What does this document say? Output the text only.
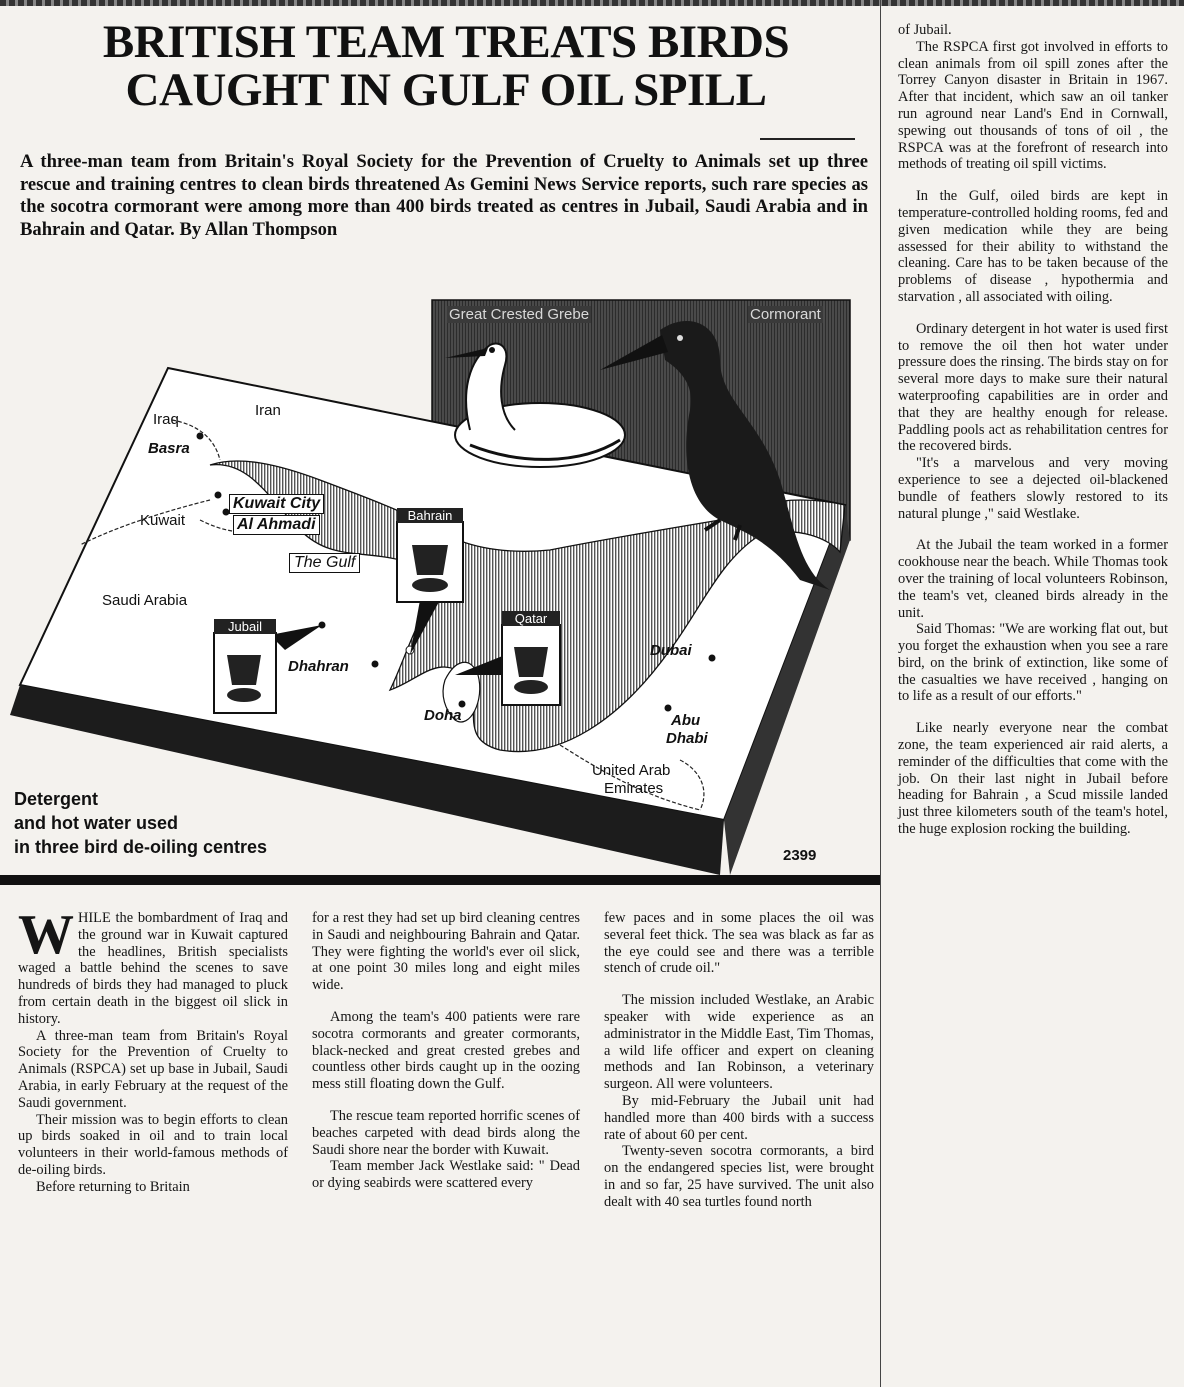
BRITISH TEAM TREATS BIRDS CAUGHT IN GULF OIL SPILL
A three-man team from Britain's Royal Society for the Prevention of Cruelty to Animals set up three rescue and training centres to clean birds threatened As Gemini News Service reports, such rare species as the socotra cormorant were among more than 400 birds treated as centres in Jubail, Saudi Arabia and in Bahrain and Qatar. By Allan Thompson
Great Crested Grebe	Cormorant
Iraq
Iran
Basra
Kuwait
Kuwait City
Al Ahmadi
The Gulf
Saudi Arabia
Dhahran
Doha
Dubai
Abu
Dhabi
United Arab
Emirates
Bahrain
Jubail
Qatar
Detergent
and hot water used
in three bird de-oiling centres	2399

of Jubail.

The RSPCA first got involved in efforts to clean animals from oil spill zones after the Torrey Canyon disaster in Britain in 1967. After that incident, which saw an oil tanker run aground near Land's End in Cornwall, spewing out thousands of tons of oil , the RSPCA was at the forefront of research into methods of treating oil spill victims.

In the Gulf, oiled birds are kept in temperature-controlled holding rooms, fed and given medication while they are being assessed for their ability to withstand the cleaning. Care has to be taken because of the problems of disease , hypothermia and starvation , all associated with oiling.

Ordinary detergent in hot water is used first to remove the oil then hot water under pressure does the rinsing. The birds stay on for several more days to make sure their natural waterproofing capabilities are in order and that they are healthy enough for release. Paddling pools act as rehabilitation centres for the recovered birds.

"It's a marvelous and very moving experience to see a dejected oil-blackened bundle of feathers slowly restored to its natural plunge ," said Westlake.

At the Jubail the team worked in a former cookhouse near the beach. While Thomas took over the training of local volunteers Robinson, the team's vet, cleaned birds already in the unit.

Said Thomas: "We are working flat out, but you forget the exhaustion when you see a rare bird, on the brink of extinction, like some of the casualties we have received , hanging on to life as a result of our efforts."

Like nearly everyone near the combat zone, the team experienced air raid alerts, a reminder of the difficulties that come with the job. On their last night in Jubail before heading for Bahrain , a Scud missile landed just three kilometers south of the team's hotel, the huge explosion rocking the building.

WHILE the bombardment of Iraq and the ground war in Kuwait captured the headlines, British specialists waged a battle behind the scenes to save hundreds of birds they had managed to pluck from certain death in the biggest oil slick in history.

A three-man team from Britain's Royal Society for the Prevention of Cruelty to Animals (RSPCA) set up base in Jubail, Saudi Arabia, in early February at the request of the Saudi government.

Their mission was to begin efforts to clean up birds soaked in oil and to train local volunteers in their world-famous methods of de-oiling birds.

Before returning to Britain

for a rest they had set up bird cleaning centres in Saudi and neighbouring Bahrain and Qatar. They were fighting the world's ever oil slick, at one point 30 miles long and eight miles wide.

Among the team's 400 patients were rare socotra cormorants and greater cormorants, black-necked and great crested grebes and countless other birds caught up in the oozing mess still floating down the Gulf.

The rescue team reported horrific scenes of beaches carpeted with dead birds along the Saudi shore near the border with Kuwait.

Team member Jack Westlake said: " Dead or dying seabirds were scattered every

few paces and in some places the oil was several feet thick. The sea was black as far as the eye could see and there was a terrible stench of crude oil."

The mission included Westlake, an Arabic speaker with wide experience as an administrator in the Middle East, Tim Thomas, a wild life officer and expert on cleaning methods and Ian Robinson, a veterinary surgeon. All were volunteers.

By mid-February the Jubail unit had handled more than 400 birds with a success rate of about 60 per cent.

Twenty-seven socotra cormorants, a bird on the endangered species list, were brought in and so far, 25 have survived. The unit also dealt with 40 sea turtles found north
